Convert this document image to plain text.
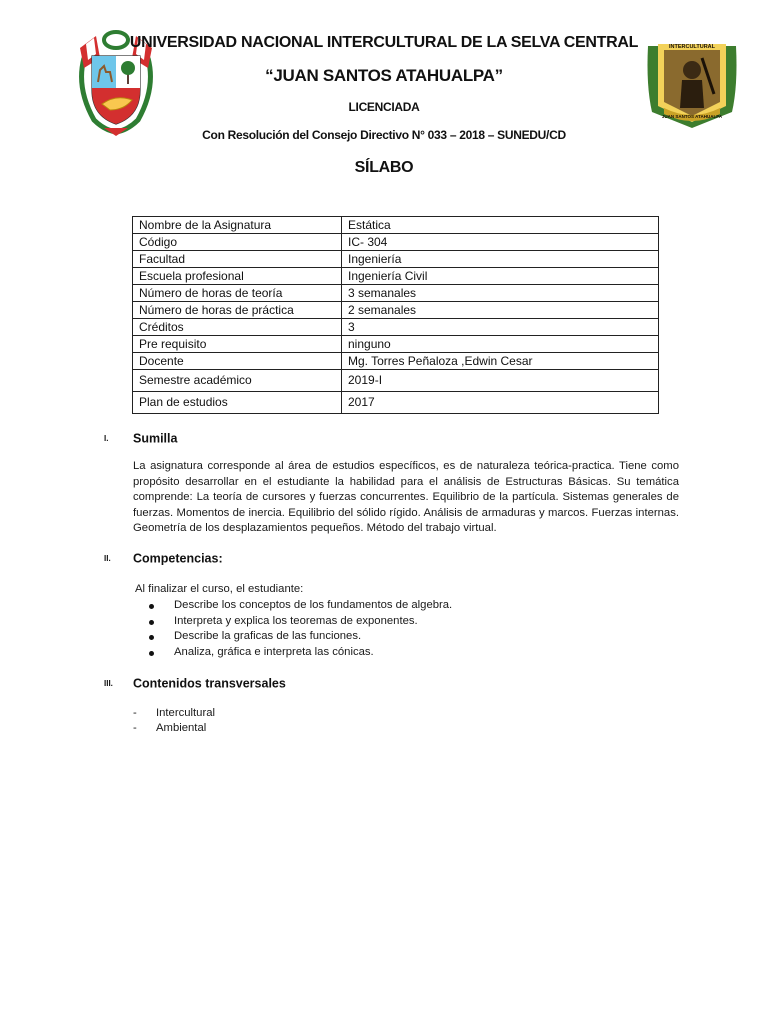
UNIVERSIDAD NACIONAL INTERCULTURAL DE LA SELVA CENTRAL
“JUAN SANTOS ATAHUALPA”
LICENCIADA
Con Resolución del Consejo Directivo N° 033 – 2018 – SUNEDU/CD
SÍLABO
INTERCULTURAL
JUAN SANTOS ATAHUALPA
Nombre de la Asignatura	Estática
Código	IC- 304
Facultad	Ingeniería
Escuela profesional	Ingeniería Civil
Número de horas de teoría	3 semanales
Número de horas de práctica	2 semanales
Créditos	3
Pre requisito	ninguno
Docente	Mg. Torres Peñaloza ,Edwin Cesar
Semestre académico	2019-I
Plan de estudios	2017
I. Sumilla
La asignatura corresponde al área de estudios específicos, es de naturaleza teórica-practica. Tiene como propósito desarrollar en el estudiante la habilidad para el análisis de Estructuras Básicas. Su temática comprende: La teoría de cursores y fuerzas concurrentes. Equilibrio de la partícula. Sistemas generales de fuerzas. Momentos de inercia. Equilibrio del sólido rígido. Análisis de armaduras y marcos. Fuerzas internas. Geometría de los desplazamientos pequeños. Método del trabajo virtual.
II. Competencias:
Al finalizar el curso, el estudiante:
Describe los conceptos de los fundamentos de algebra.
Interpreta y explica los teoremas de exponentes.
Describe la graficas de las funciones.
Analiza, gráfica e interpreta las cónicas.
III. Contenidos transversales
- Intercultural
- Ambiental
